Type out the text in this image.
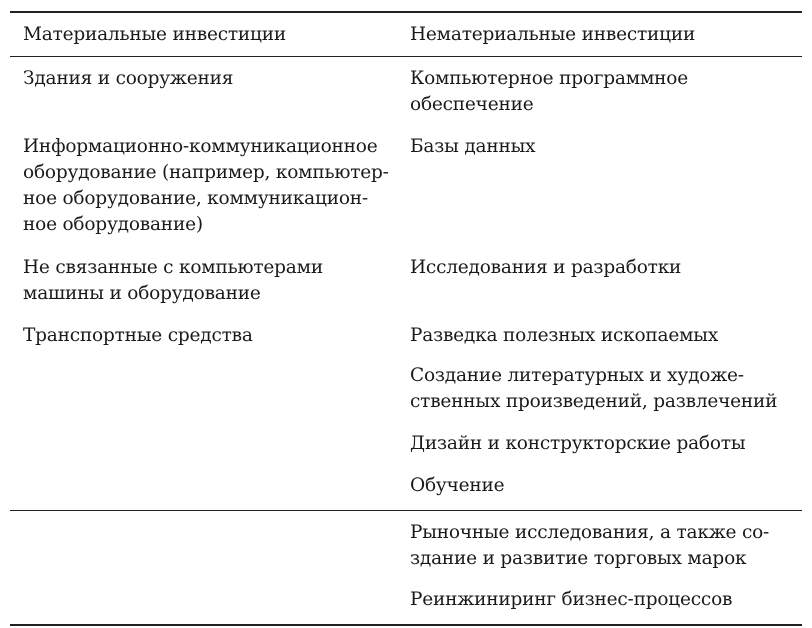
Материальные инвестиции	Нематериальные инвестиции
Здания и сооружения
Информационно-коммуникационное
оборудование (например, компьютер-
ное оборудование, коммуникацион-
ное оборудование)
Не связанные с компьютерами
машины и оборудование
Транспортные средства
Компьютерное программное
обеспечение
Базы данных
Исследования и разработки
Разведка полезных ископаемых
Создание литературных и художе-
ственных произведений, развлечений
Дизайн и конструкторские работы
Обучение
Рыночные исследования, а также со-
здание и развитие торговых марок
Реинжиниринг бизнес-процессов
